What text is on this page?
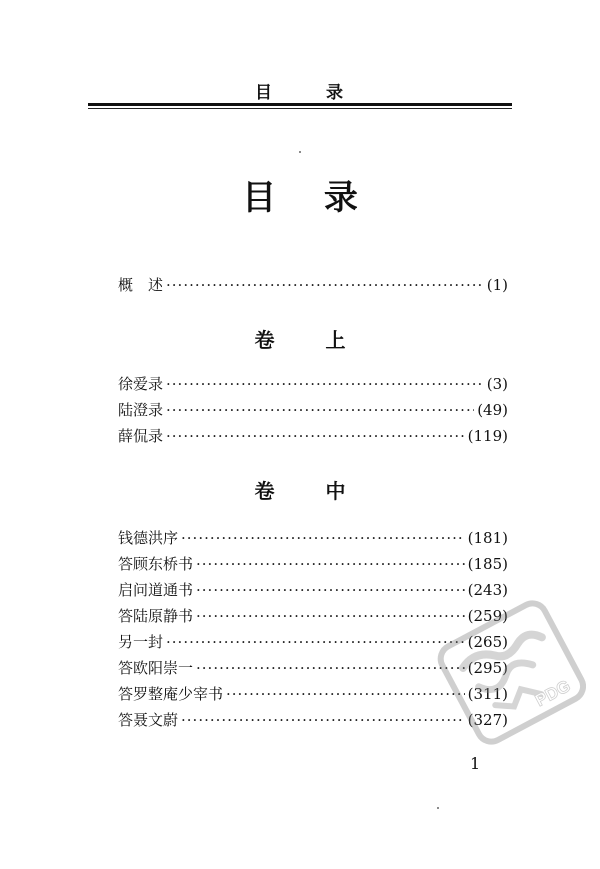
目	录
目 录
概　述 ·····	(1)
卷	上
徐爱录 ·····	(3)
陆澄录 ·····	(49)
薛侃录 ·····	(119)
卷	中
钱德洪序 ·····	(181)
答顾东桥书 ·····	(185)
启问道通书 ·····	(243)
答陆原静书 ·····	(259)
另一封 ·····	(265)
答欧阳崇一 ·····	(295)
答罗整庵少宰书 ·····	(311)
答聂文蔚 ·····	(327)
1
PDG
